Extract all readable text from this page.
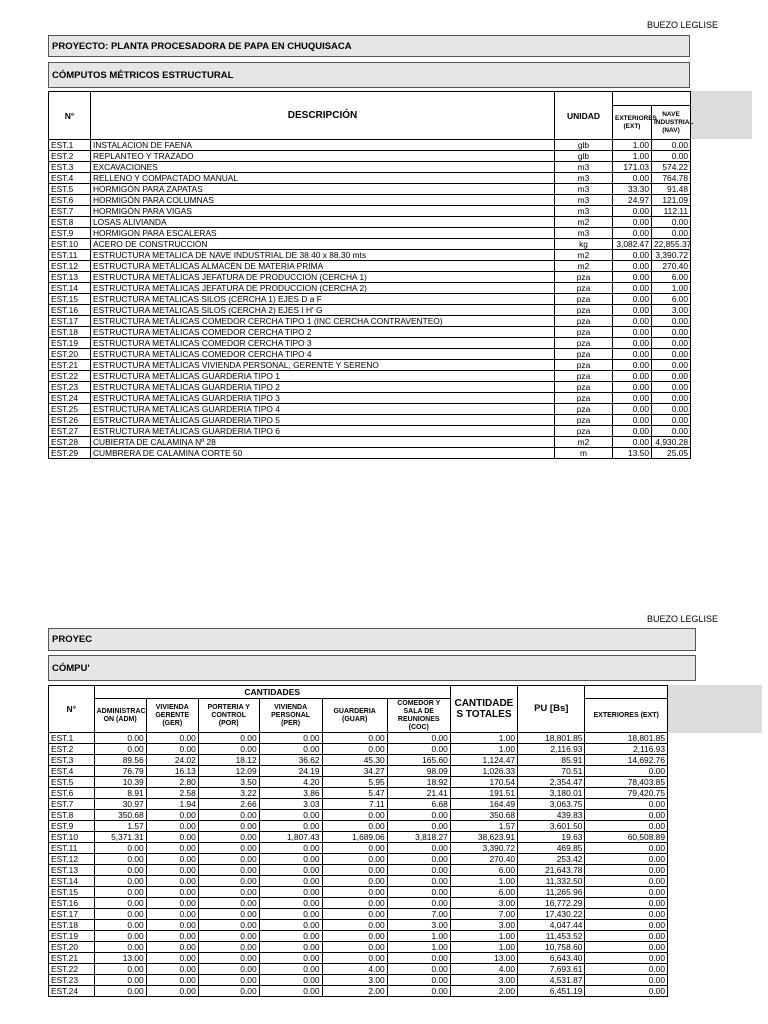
BUEZO LEGLISE
PROYECTO: PLANTA PROCESADORA DE PAPA EN CHUQUISACA
CÓMPUTOS MÉTRICOS ESTRUCTURAL
N°	DESCRIPCIÓN	UNIDAD		
			EXTERIORES (EXT)	NAVE INDUSTRIAL (NAV)
EST.1	INSTALACION DE FAENA	glb	1.00	0.00
EST.2	REPLANTEO Y TRAZADO	glb	1.00	0.00
EST.3	EXCAVACIONES	m3	171.03	574.22
EST.4	RELLENO Y COMPACTADO MANUAL	m3	0.00	764.78
EST.5	HORMIGÓN PARA ZAPATAS	m3	33.30	91.48
EST.6	HORMIGÓN PARA COLUMNAS	m3	24.97	121.09
EST.7	HORMIGÓN PARA VIGAS	m3	0.00	112.11
EST.8	LOSAS ALIVIANDA	m2	0.00	0.00
EST.9	HORMIGON PARA ESCALERAS	m3	0.00	0.00
EST.10	ACERO DE CONSTRUCCIÓN	kg	3,082.47	22,855.37
EST.11	ESTRUCTURA METALICA DE NAVE INDUSTRIAL DE 38.40 x 88.30 mts	m2	0.00	3,390.72
EST.12	ESTRUCTURA METÁLICAS ALMACÉN DE MATERIA PRIMA	m2	0.00	270.40
EST.13	ESTRUCTURA METÁLICAS JEFATURA DE PRODUCCION (CERCHA 1)	pza	0.00	6.00
EST.14	ESTRUCTURA METÁLICAS JEFATURA DE PRODUCCION (CERCHA 2)	pza	0.00	1.00
EST.15	ESTRUCTURA METALICAS SILOS (CERCHA 1) EJES D a F	pza	0.00	6.00
EST.16	ESTRUCTURA METALICAS SILOS (CERCHA 2) EJES I H' G	pza	0.00	3.00
EST.17	ESTRUCTURA METÁLICAS COMEDOR CERCHA TIPO 1 (INC CERCHA CONTRAVENTEO)	pza	0.00	0.00
EST.18	ESTRUCTURA METÁLICAS COMEDOR CERCHA TIPO 2	pza	0.00	0.00
EST.19	ESTRUCTURA METÁLICAS COMEDOR CERCHA TIPO 3	pza	0.00	0.00
EST.20	ESTRUCTURA METÁLICAS COMEDOR CERCHA TIPO 4	pza	0.00	0.00
EST.21	ESTRUCTURA METÁLICAS VIVIENDA PERSONAL, GERENTE Y SERENO	pza	0.00	0.00
EST.22	ESTRUCTURA METÁLICAS GUARDERIA TIPO 1	pza	0.00	0.00
EST.23	ESTRUCTURA METÁLICAS GUARDERIA TIPO 2	pza	0.00	0.00
EST.24	ESTRUCTURA METÁLICAS GUARDERIA TIPO 3	pza	0.00	0.00
EST.25	ESTRUCTURA METÁLICAS GUARDERIA TIPO 4	pza	0.00	0.00
EST.26	ESTRUCTURA METÁLICAS GUARDERIA TIPO 5	pza	0.00	0.00
EST.27	ESTRUCTURA METÁLICAS GUARDERIA TIPO 6	pza	0.00	0.00
EST.28	CUBIERTA DE CALAMINA Nº 28	m2	0.00	4,930.28
EST.29	CUMBRERA DE CALAMINA CORTE 50	m	13.50	25.05
BUEZO LEGLISE
PROYEC
CÓMPU'
N°	CANTIDADES						CANTIDADE S TOTALES	PU [Bs]	
	ADMINISTRACI ON (ADM)	VIVIENDA GERENTE (GER)	PORTERIA Y CONTROL (POR)	VIVIENDA PERSONAL (PER)	GUARDERIA (GUAR)	COMEDOR Y SALA DE REUNIONES (COC)			EXTERIORES (EXT)
EST.1	0.00	0.00	0.00	0.00	0.00	0.00	1.00	18,801.85	18,801.85
EST.2	0.00	0.00	0.00	0.00	0.00	0.00	1.00	2,116.93	2,116.93
EST.3	89.56	24.02	18.12	36.62	45.30	165.60	1,124.47	85.91	14,692.76
EST.4	76.79	16.13	12.09	24.19	34.27	98.09	1,026.33	70.51	0.00
EST.5	10.39	2.80	3.50	4.20	5.95	18.92	170.54	2,354.47	78,403.85
EST.6	8.91	2.58	3.22	3.86	5.47	21.41	191.51	3,180.01	79,420.75
EST.7	30.97	1.94	2.66	3.03	7.11	6.68	164.49	3,063.75	0.00
EST.8	350.68	0.00	0.00	0.00	0.00	0.00	350.68	439.83	0.00
EST.9	1.57	0.00	0.00	0.00	0.00	0.00	1.57	3,601.50	0.00
EST.10	5,371.31	0.00	0.00	1,807.43	1,689.06	3,818.27	38,623.91	19.63	60,508.89
EST.11	0.00	0.00	0.00	0.00	0.00	0.00	3,390.72	469.85	0.00
EST.12	0.00	0.00	0.00	0.00	0.00	0.00	270.40	253.42	0.00
EST.13	0.00	0.00	0.00	0.00	0.00	0.00	6.00	21,643.78	0.00
EST.14	0.00	0.00	0.00	0.00	0.00	0.00	1.00	11,332.50	0.00
EST.15	0.00	0.00	0.00	0.00	0.00	0.00	6.00	11,265.96	0.00
EST.16	0.00	0.00	0.00	0.00	0.00	0.00	3.00	16,772.29	0.00
EST.17	0.00	0.00	0.00	0.00	0.00	7.00	7.00	17,430.22	0.00
EST.18	0.00	0.00	0.00	0.00	0.00	3.00	3.00	4,047.44	0.00
EST.19	0.00	0.00	0.00	0.00	0.00	1.00	1.00	11,453.52	0.00
EST.20	0.00	0.00	0.00	0.00	0.00	1.00	1.00	10,758.60	0.00
EST.21	13.00	0.00	0.00	0.00	0.00	0.00	13.00	6,643.40	0.00
EST.22	0.00	0.00	0.00	0.00	4.00	0.00	4.00	7,693.61	0.00
EST.23	0.00	0.00	0.00	0.00	3.00	0.00	3.00	4,531.87	0.00
EST.24	0.00	0.00	0.00	0.00	2.00	0.00	2.00	6,451.19	0.00
